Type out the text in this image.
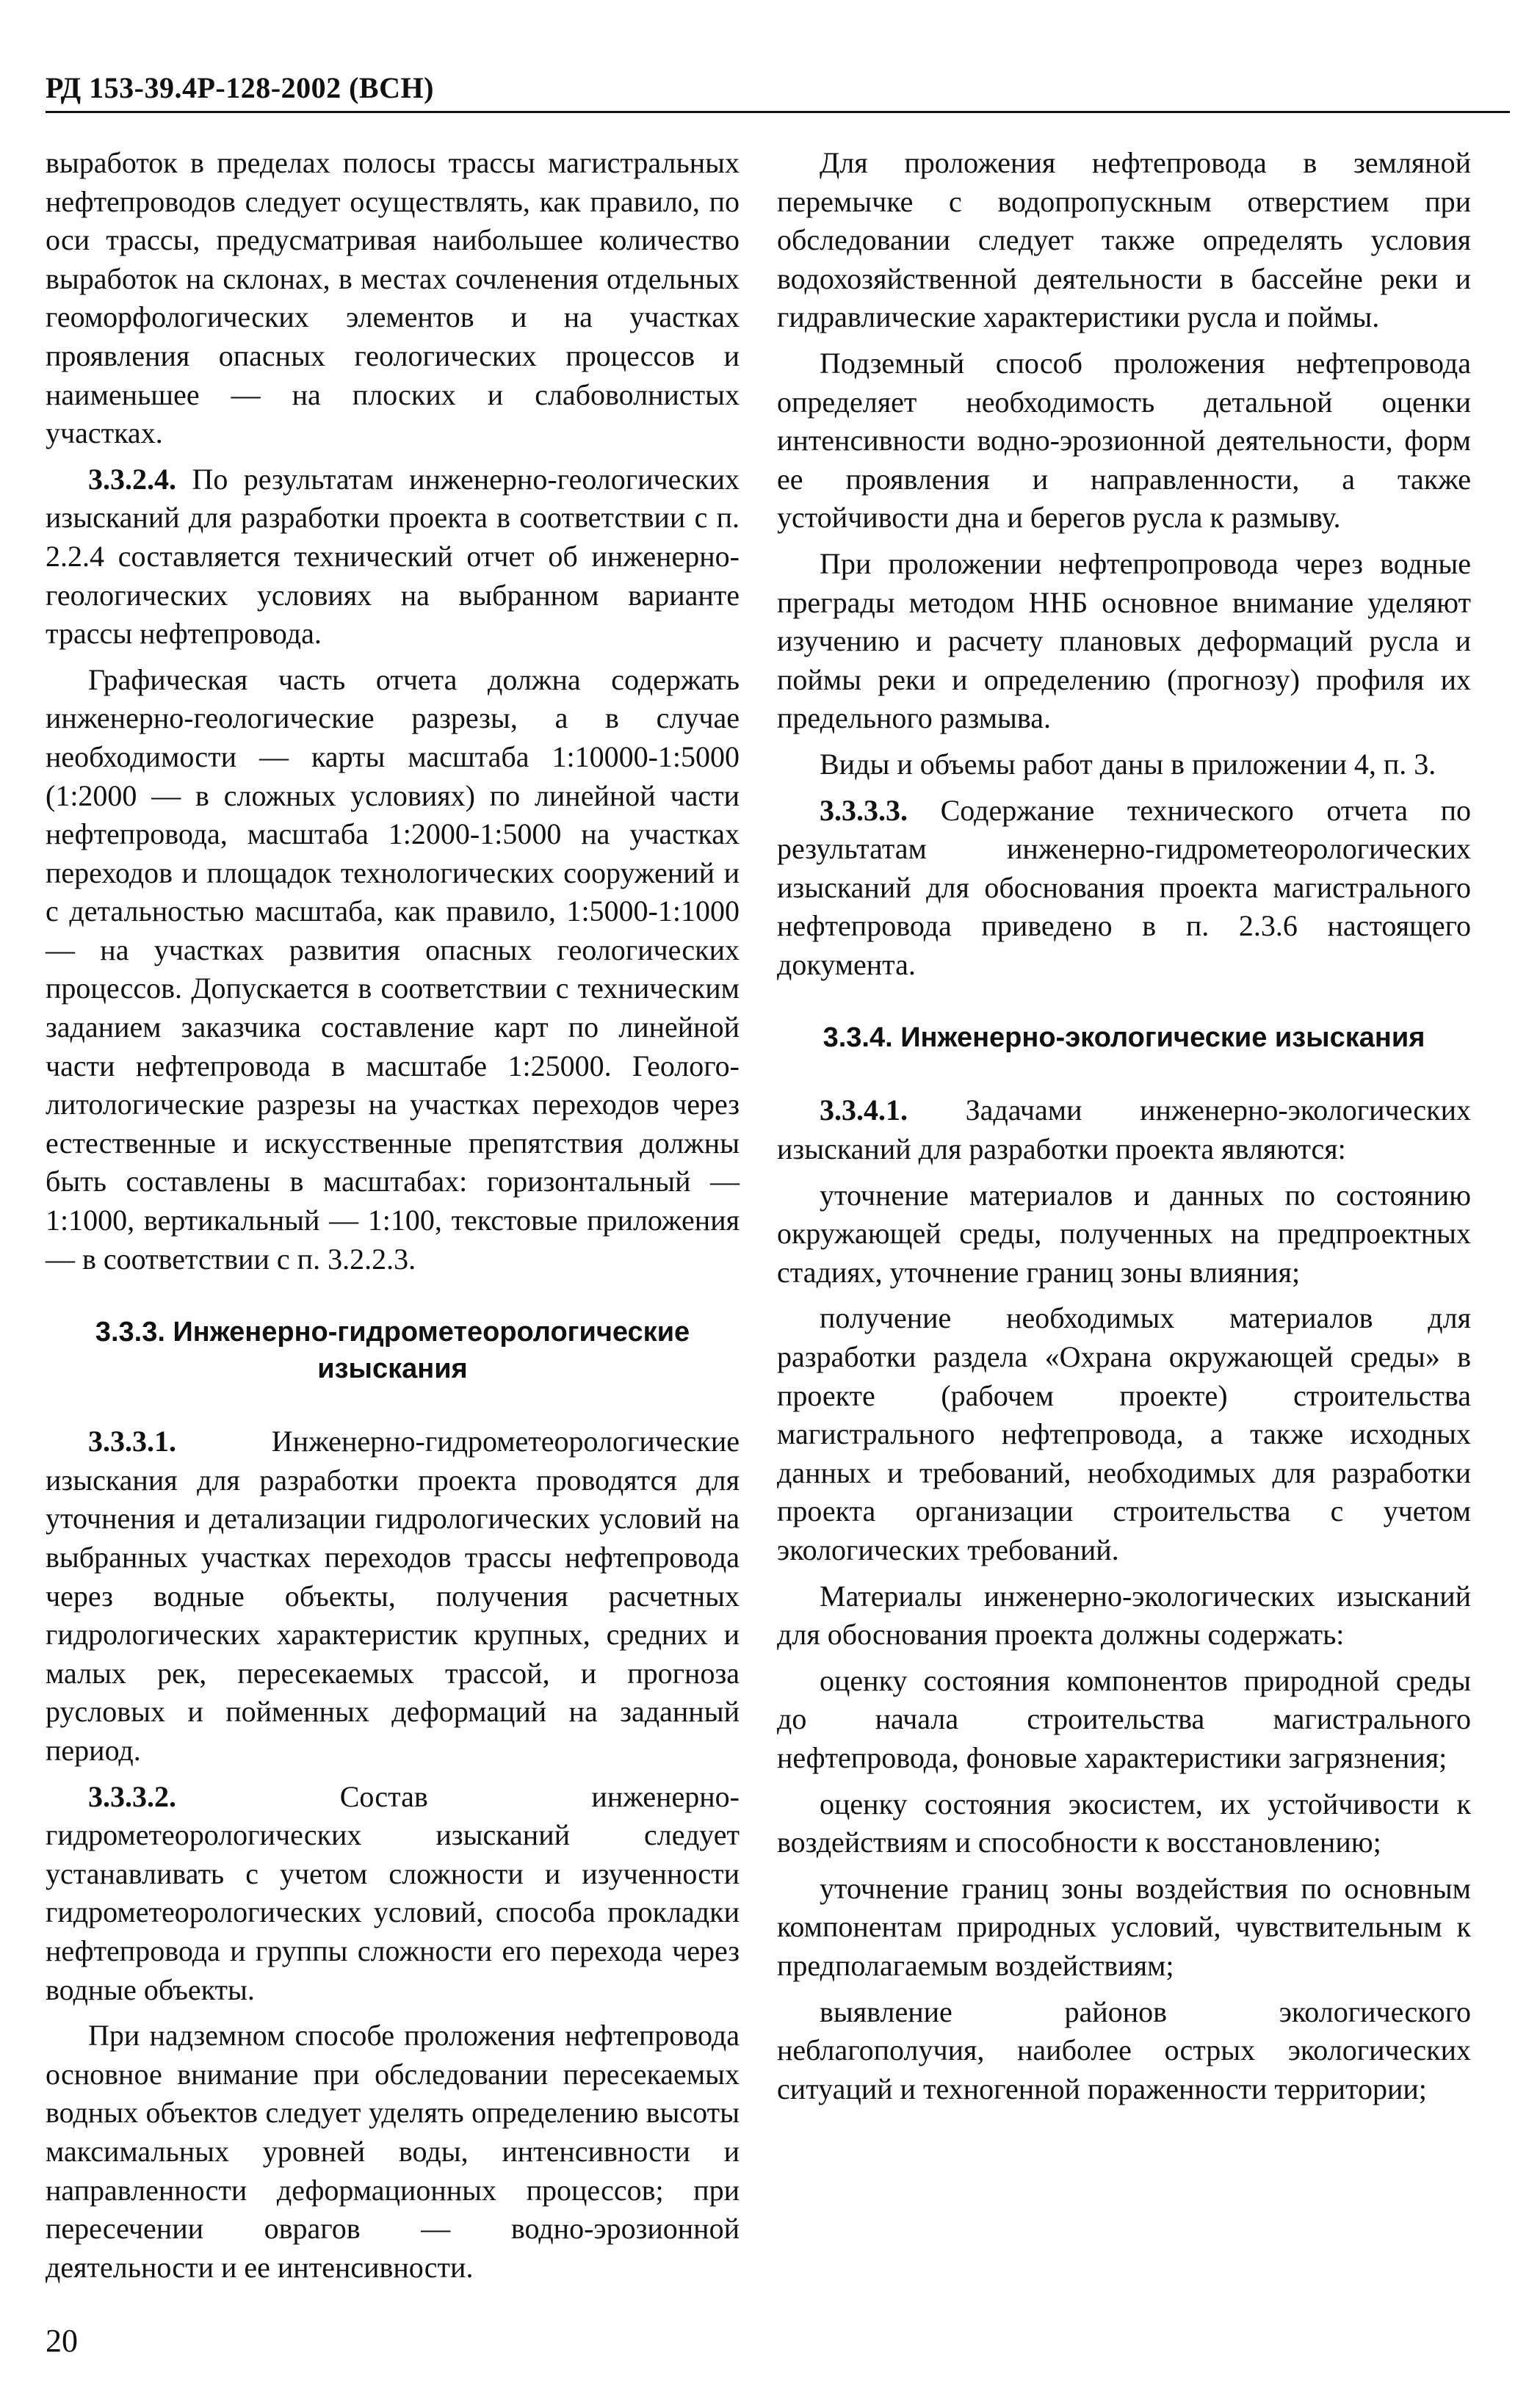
РД 153-39.4Р-128-2002 (ВСН)

выработок в пределах полосы трассы магистральных нефтепроводов следует осуществлять, как правило, по оси трассы, предусматривая наибольшее количество выработок на склонах, в местах сочленения отдельных геоморфологических элементов и на участках проявления опасных геологических процессов и наименьшее — на плоских и слабоволнистых участках.

3.3.2.4. По результатам инженерно-геологических изысканий для разработки проекта в соответствии с п. 2.2.4 составляется технический отчет об инженерно-геологических условиях на выбранном варианте трассы нефтепровода.

Графическая часть отчета должна содержать инженерно-геологические разрезы, а в случае необходимости — карты масштаба 1:10000-1:5000 (1:2000 — в сложных условиях) по линейной части нефтепровода, масштаба 1:2000-1:5000 на участках переходов и площадок технологических сооружений и с детальностью масштаба, как правило, 1:5000-1:1000 — на участках развития опасных геологических процессов. Допускается в соответствии с техническим заданием заказчика составление карт по линейной части нефтепровода в масштабе 1:25000. Геолого-литологические разрезы на участках переходов через естественные и искусственные препятствия должны быть составлены в масштабах: горизонтальный — 1:1000, вертикальный — 1:100, текстовые приложения — в соответствии с п. 3.2.2.3.

3.3.3. Инженерно-гидрометеорологические изыскания

3.3.3.1. Инженерно-гидрометеорологические изыскания для разработки проекта проводятся для уточнения и детализации гидрологических условий на выбранных участках переходов трассы нефтепровода через водные объекты, получения расчетных гидрологических характеристик крупных, средних и малых рек, пересекаемых трассой, и прогноза русловых и пойменных деформаций на заданный период.

3.3.3.2. Состав инженерно-гидрометеорологических изысканий следует устанавливать с учетом сложности и изученности гидрометеорологических условий, способа прокладки нефтепровода и группы сложности его перехода через водные объекты.

При надземном способе проложения нефтепровода основное внимание при обследовании пересекаемых водных объектов следует уделять определению высоты максимальных уровней воды, интенсивности и направленности деформационных процессов; при пересечении оврагов — водно-эрозионной деятельности и ее интенсивности.

Для проложения нефтепровода в земляной перемычке с водопропускным отверстием при обследовании следует также определять условия водохозяйственной деятельности в бассейне реки и гидравлические характеристики русла и поймы.

Подземный способ проложения нефтепровода определяет необходимость детальной оценки интенсивности водно-эрозионной деятельности, форм ее проявления и направленности, а также устойчивости дна и берегов русла к размыву.

При проложении нефтепропровода через водные преграды методом ННБ основное внимание уделяют изучению и расчету плановых деформаций русла и поймы реки и определению (прогнозу) профиля их предельного размыва.

Виды и объемы работ даны в приложении 4, п. 3.

3.3.3.3. Содержание технического отчета по результатам инженерно-гидрометеорологических изысканий для обоснования проекта магистрального нефтепровода приведено в п. 2.3.6 настоящего документа.

3.3.4. Инженерно-экологические изыскания

3.3.4.1. Задачами инженерно-экологических изысканий для разработки проекта являются:

уточнение материалов и данных по состоянию окружающей среды, полученных на предпроектных стадиях, уточнение границ зоны влияния;

получение необходимых материалов для разработки раздела «Охрана окружающей среды» в проекте (рабочем проекте) строительства магистрального нефтепровода, а также исходных данных и требований, необходимых для разработки проекта организации строительства с учетом экологических требований.

Материалы инженерно-экологических изысканий для обоснования проекта должны содержать:

оценку состояния компонентов природной среды до начала строительства магистрального нефтепровода, фоновые характеристики загрязнения;

оценку состояния экосистем, их устойчивости к воздействиям и способности к восстановлению;

уточнение границ зоны воздействия по основным компонентам природных условий, чувствительным к предполагаемым воздействиям;

выявление районов экологического неблагополучия, наиболее острых экологических ситуаций и техногенной пораженности территории;

20
